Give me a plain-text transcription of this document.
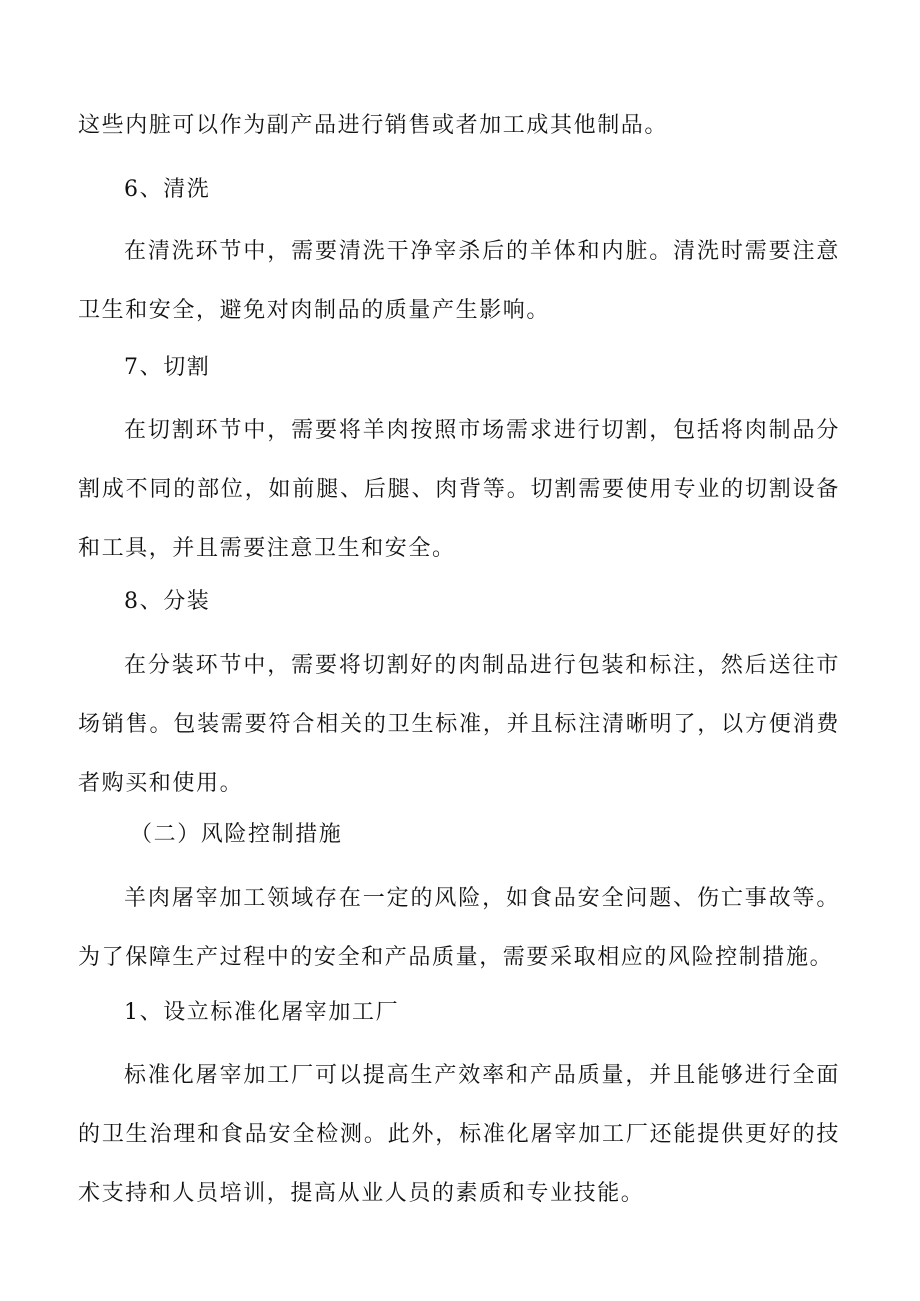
这些内脏可以作为副产品进行销售或者加工成其他制品。

6、清洗

在清洗环节中，需要清洗干净宰杀后的羊体和内脏。清洗时需要注意卫生和安全，避免对肉制品的质量产生影响。

7、切割

在切割环节中，需要将羊肉按照市场需求进行切割，包括将肉制品分割成不同的部位，如前腿、后腿、肉背等。切割需要使用专业的切割设备和工具，并且需要注意卫生和安全。

8、分装

在分装环节中，需要将切割好的肉制品进行包装和标注，然后送往市场销售。包装需要符合相关的卫生标准，并且标注清晰明了，以方便消费者购买和使用。

（二）风险控制措施

羊肉屠宰加工领域存在一定的风险，如食品安全问题、伤亡事故等。为了保障生产过程中的安全和产品质量，需要采取相应的风险控制措施。

1、设立标准化屠宰加工厂

标准化屠宰加工厂可以提高生产效率和产品质量，并且能够进行全面的卫生治理和食品安全检测。此外，标准化屠宰加工厂还能提供更好的技术支持和人员培训，提高从业人员的素质和专业技能。
